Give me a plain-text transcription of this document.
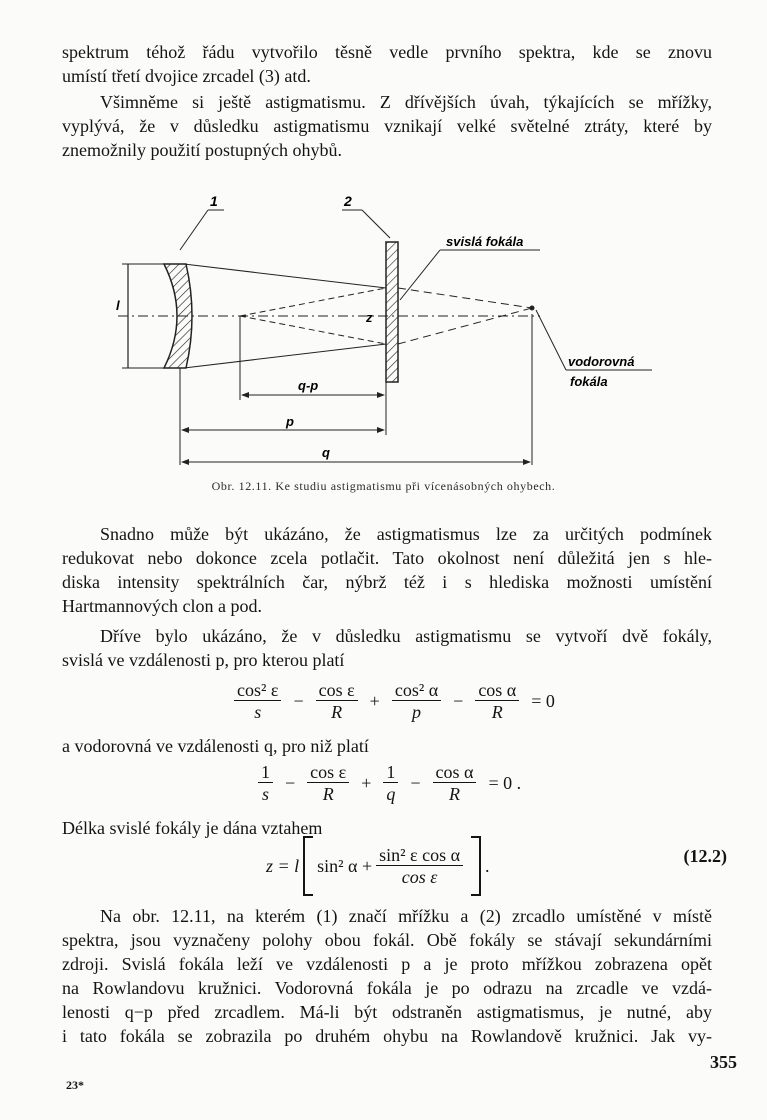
spektrum téhož řádu vytvořilo těsně vedle prvního spektra, kde se znovu
umístí třetí dvojice zrcadel (3) atd.
Všimněme si ještě astigmatismu. Z dřívějších úvah, týkajících se mřížky,
vyplývá, že v důsledku astigmatismu vznikají velké světelné ztráty, které by
znemožnily použití postupných ohybů.
1	2
svislá fokála
vodorovná
fokála
l
z
q-p
p
q
Obr. 12.11. Ke studiu astigmatismu při vícenásobných ohybech.
Snadno může být ukázáno, že astigmatismus lze za určitých podmínek
redukovat nebo dokonce zcela potlačit. Tato okolnost není důležitá jen s hle-
diska intensity spektrálních čar, nýbrž též i s hlediska možnosti umístění
Hartmannových clon a pod.
Dříve bylo ukázáno, že v důsledku astigmatismu se vytvoří dvě fokály,
svislá ve vzdálenosti p, pro kterou platí
$\frac{\text{cos² ε}}{s} - \frac{\text{cos ε}}{R} + \frac{\text{cos² α}}{p} - \frac{\text{cos α}}{R} = 0$
a vodorovná ve vzdálenosti q, pro niž platí
$\frac{1}{s} - \frac{\text{cos ε}}{R} + \frac{1}{q} - \frac{\text{cos α}}{R} = 0$ .
Délka svislé fokály je dána vztahem
z = l sin² $\alpha + \frac{\text{sin² ε cos α}}{\text{cos ε}}$ .	(12.2)
Na obr. 12.11, na kterém (1) značí mřížku a (2) zrcadlo umístěné v místě
spektra, jsou vyznačeny polohy obou fokál. Obě fokály se stávají sekundárními
zdroji. Svislá fokála leží ve vzdálenosti p a je proto mřížkou zobrazena opět
na Rowlandovu kružnici. Vodorovná fokála je po odrazu na zrcadle ve vzdá-
lenosti q−p před zrcadlem. Má-li být odstraněn astigmatismus, je nutné, aby
i tato fokála se zobrazila po druhém ohybu na Rowlandově kružnici. Jak vy-
23*
355
